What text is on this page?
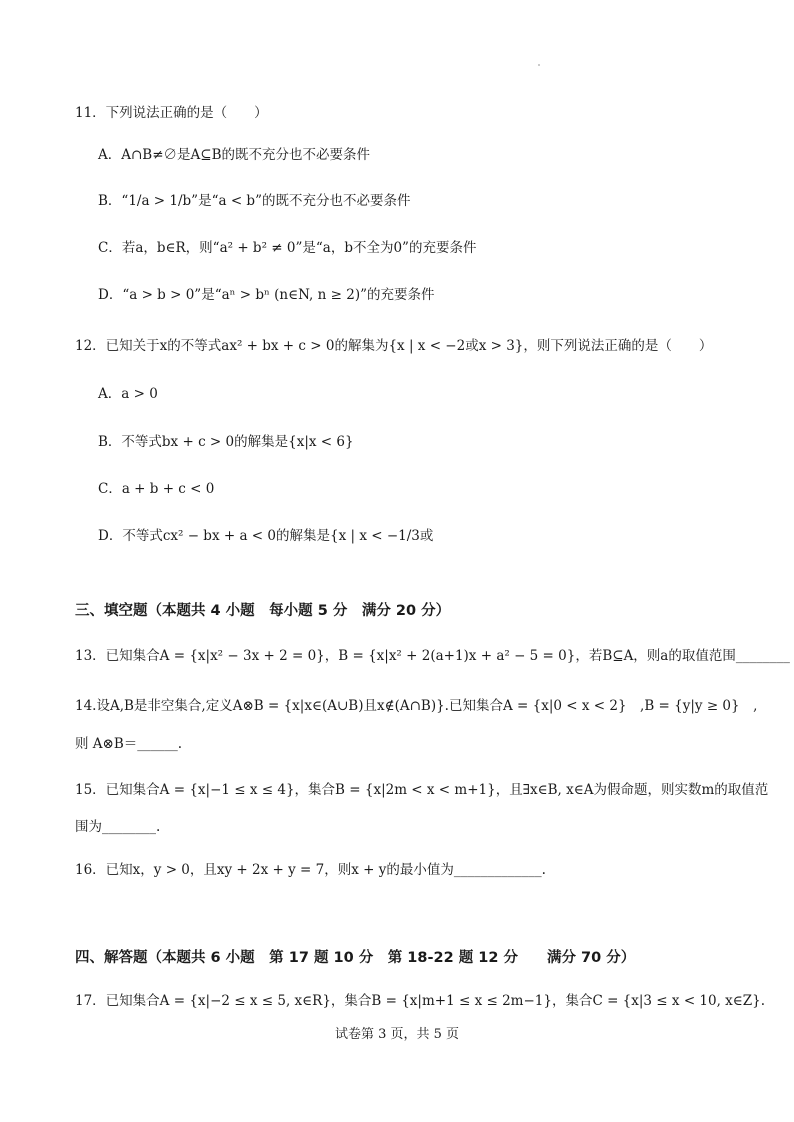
11．下列说法正确的是（　　）
A．A∩B≠∅是A⊆B的既不充分也不必要条件
B．“1/a > 1/b”是“a < b”的既不充分也不必要条件
C．若a，b∈R，则“a² + b² ≠ 0”是“a，b不全为0”的充要条件
D．“a > b > 0”是“aⁿ > bⁿ (n∈N, n ≥ 2)”的充要条件
12．已知关于x的不等式ax² + bx + c > 0的解集为{x | x < −2或x > 3}，则下列说法正确的是（　　）
A．a > 0
B．不等式bx + c > 0的解集是{x|x < 6}
C．a + b + c < 0
D．不等式cx² − bx + a < 0的解集是{x | x < −1/3或
三、填空题（本题共 4 小题　每小题 5 分　满分 20 分）
13．已知集合A = {x|x² − 3x + 2 = 0}，B = {x|x² + 2(a+1)x + a² − 5 = 0}，若B⊆A，则a的取值范围________
14.设A,B是非空集合,定义A⊗B = {x|x∈(A∪B)且x∉(A∩B)}.已知集合A = {x|0 < x < 2}　,B = {y|y ≥ 0}　,
则 A⊗B＝______.
15．已知集合A = {x|−1 ≤ x ≤ 4}，集合B = {x|2m < x < m+1}，且∃x∈B, x∈A为假命题，则实数m的取值范
围为________.
16．已知x，y > 0，且xy + 2x + y = 7，则x + y的最小值为_____________.
四、解答题（本题共 6 小题　第 17 题 10 分　第 18-22 题 12 分　　满分 70 分）
17．已知集合A = {x|−2 ≤ x ≤ 5, x∈R}，集合B = {x|m+1 ≤ x ≤ 2m−1}，集合C = {x|3 ≤ x < 10, x∈Z}.
试卷第 3 页，共 5 页
